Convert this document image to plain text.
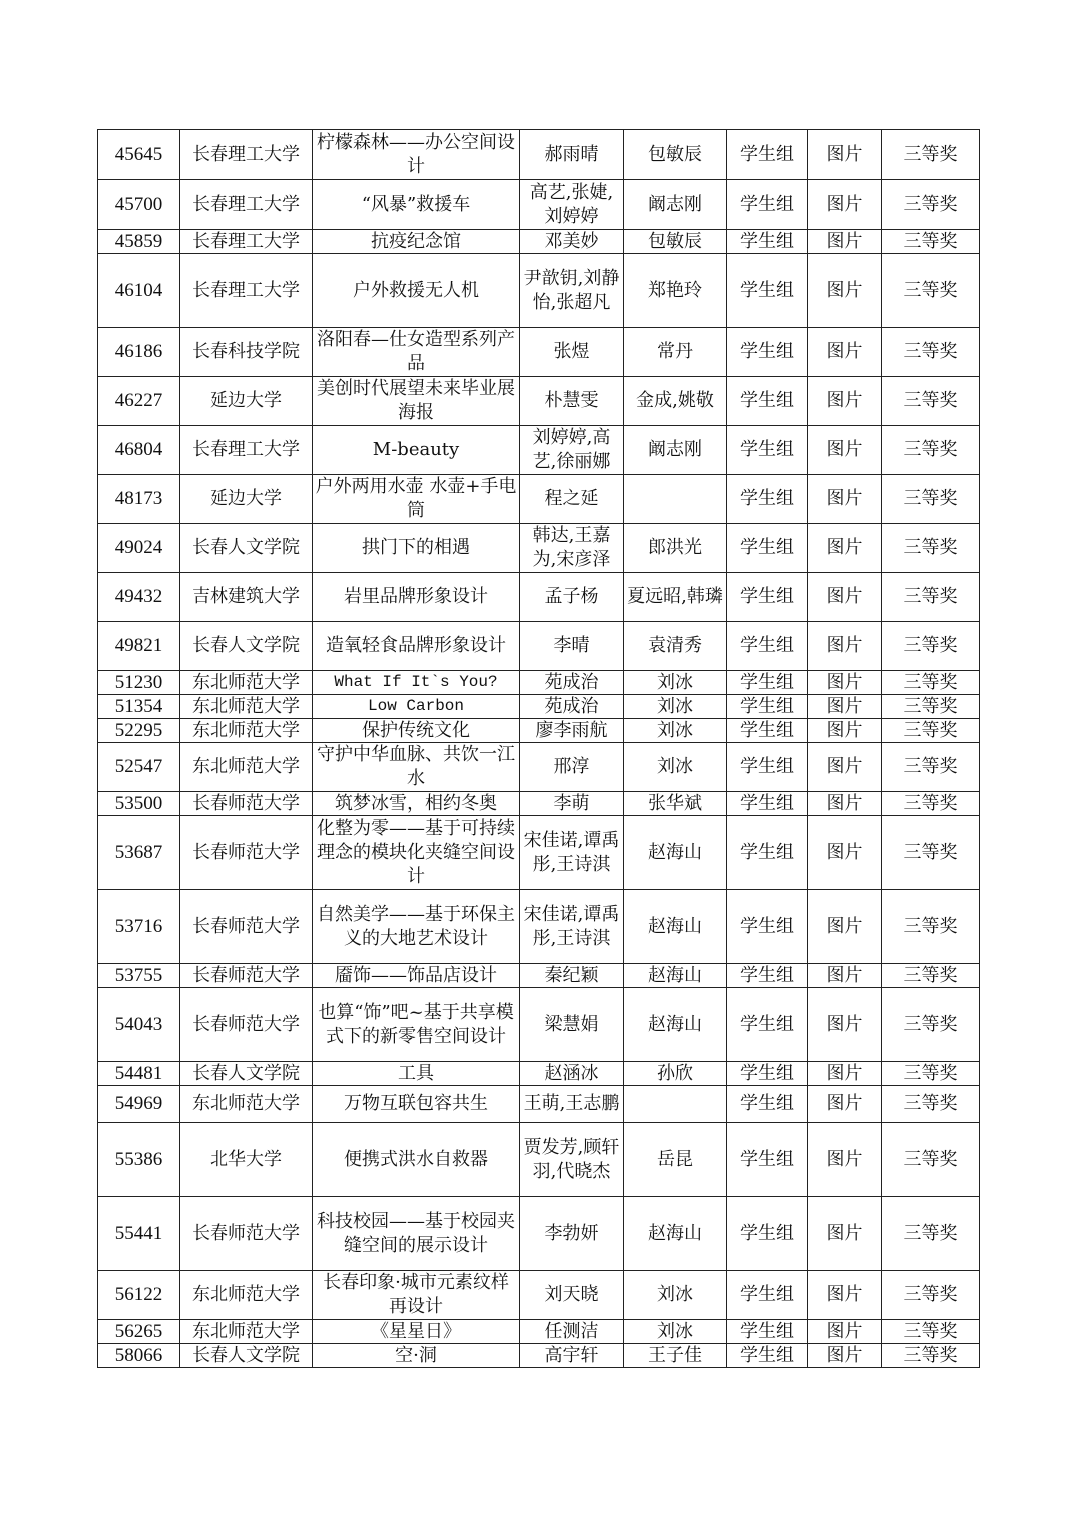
45645	长春理工大学	柠檬森林——办公空间设计	郝雨晴	包敏辰	学生组	图片	三等奖
45700	长春理工大学	“风暴”救援车	高艺,张婕,刘婷婷	阚志刚	学生组	图片	三等奖
45859	长春理工大学	抗疫纪念馆	邓美妙	包敏辰	学生组	图片	三等奖
46104	长春理工大学	户外救援无人机	尹歆钥,刘静怡,张超凡	郑艳玲	学生组	图片	三等奖
46186	长春科技学院	洛阳春—仕女造型系列产品	张煜	常丹	学生组	图片	三等奖
46227	延边大学	美创时代展望未来毕业展海报	朴慧雯	金成,姚敬	学生组	图片	三等奖
46804	长春理工大学	M-beauty	刘婷婷,高艺,徐丽娜	阚志刚	学生组	图片	三等奖
48173	延边大学	户外两用水壶 水壶+手电筒	程之延		学生组	图片	三等奖
49024	长春人文学院	拱门下的相遇	韩达,王嘉为,宋彦泽	郎洪光	学生组	图片	三等奖
49432	吉林建筑大学	岩里品牌形象设计	孟子杨	夏远昭,韩璘	学生组	图片	三等奖
49821	长春人文学院	造氧轻食品牌形象设计	李晴	袁清秀	学生组	图片	三等奖
51230	东北师范大学	What If It`s You?	苑成治	刘冰	学生组	图片	三等奖
51354	东北师范大学	Low Carbon	苑成治	刘冰	学生组	图片	三等奖
52295	东北师范大学	保护传统文化	廖李雨航	刘冰	学生组	图片	三等奖
52547	东北师范大学	守护中华血脉、共饮一江水	邢淳	刘冰	学生组	图片	三等奖
53500	长春师范大学	筑梦冰雪，相约冬奥	李萌	张华斌	学生组	图片	三等奖
53687	长春师范大学	化整为零——基于可持续理念的模块化夹缝空间设计	宋佳诺,谭禹彤,王诗淇	赵海山	学生组	图片	三等奖
53716	长春师范大学	自然美学——基于环保主义的大地艺术设计	宋佳诺,谭禹彤,王诗淇	赵海山	学生组	图片	三等奖
53755	长春师范大学	靥饰——饰品店设计	秦纪颖	赵海山	学生组	图片	三等奖
54043	长春师范大学	也算“饰”吧~基于共享模式下的新零售空间设计	梁慧娟	赵海山	学生组	图片	三等奖
54481	长春人文学院	工具	赵涵冰	孙欣	学生组	图片	三等奖
54969	东北师范大学	万物互联包容共生	王萌,王志鹏		学生组	图片	三等奖
55386	北华大学	便携式洪水自救器	贾发芳,顾轩羽,代晓杰	岳昆	学生组	图片	三等奖
55441	长春师范大学	科技校园——基于校园夹缝空间的展示设计	李勃妍	赵海山	学生组	图片	三等奖
56122	东北师范大学	长春印象·城市元素纹样再设计	刘天晓	刘冰	学生组	图片	三等奖
56265	东北师范大学	《星星日》	任测洁	刘冰	学生组	图片	三等奖
58066	长春人文学院	空·洞	高宇轩	王子佳	学生组	图片	三等奖
